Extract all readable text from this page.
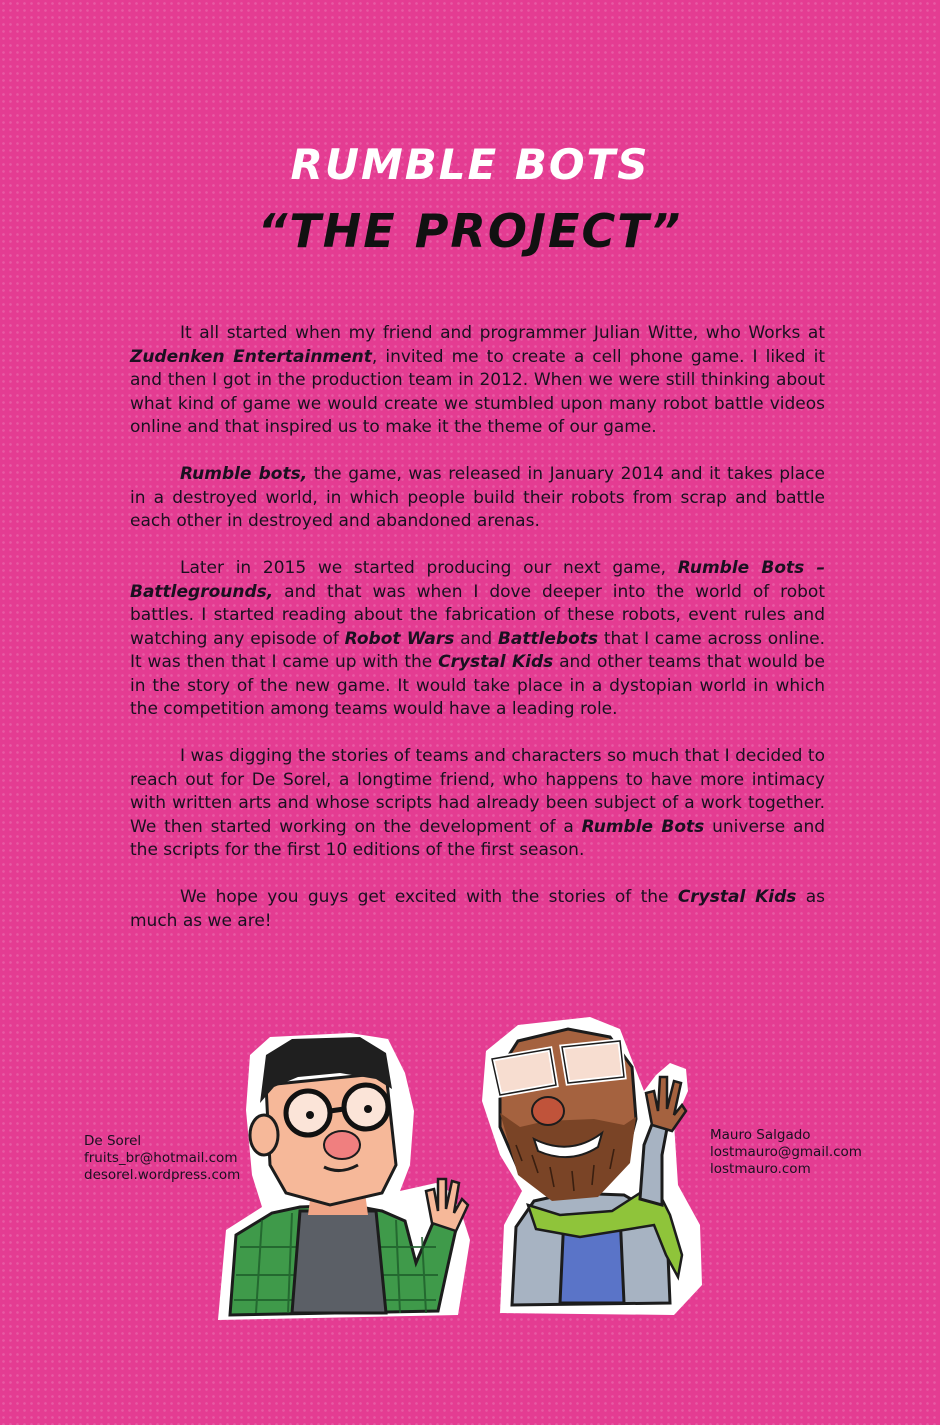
RUMBLE BOTS
“THE PROJECT”

It all started when my friend and programmer Julian Witte, who Works at Zudenken Entertainment, invited me to create a cell phone game. I liked it and then I got in the production team in 2012. When we were still thinking about what kind of game we would create we stumbled upon many robot battle videos online and that inspired us to make it the theme of our game.

Rumble bots, the game, was released in January 2014 and it takes place in a destroyed world, in which people build their robots from scrap and battle each other in destroyed and abandoned arenas.

Later in 2015 we started producing our next game, Rumble Bots – Battlegrounds, and that was when I dove deeper into the world of robot battles. I started reading about the fabrication of these robots, event rules and watching any episode of Robot Wars and Battlebots that I came across online. It was then that I came up with the Crystal Kids and other teams that would be in the story of the new game. It would take place in a dystopian world in which the competition among teams would have a leading role.

I was digging the stories of teams and characters so much that I decided to reach out for De Sorel, a longtime friend, who happens to have more intimacy with written arts and whose scripts had already been subject of a work together. We then started working on the development of a Rumble Bots universe and the scripts for the first 10 editions of the first season.

We hope you guys get excited with the stories of the Crystal Kids as much as we are!

De Sorel
fruits_br@hotmail.com
desorel.wordpress.com
Mauro Salgado
lostmauro@gmail.com
lostmauro.com
